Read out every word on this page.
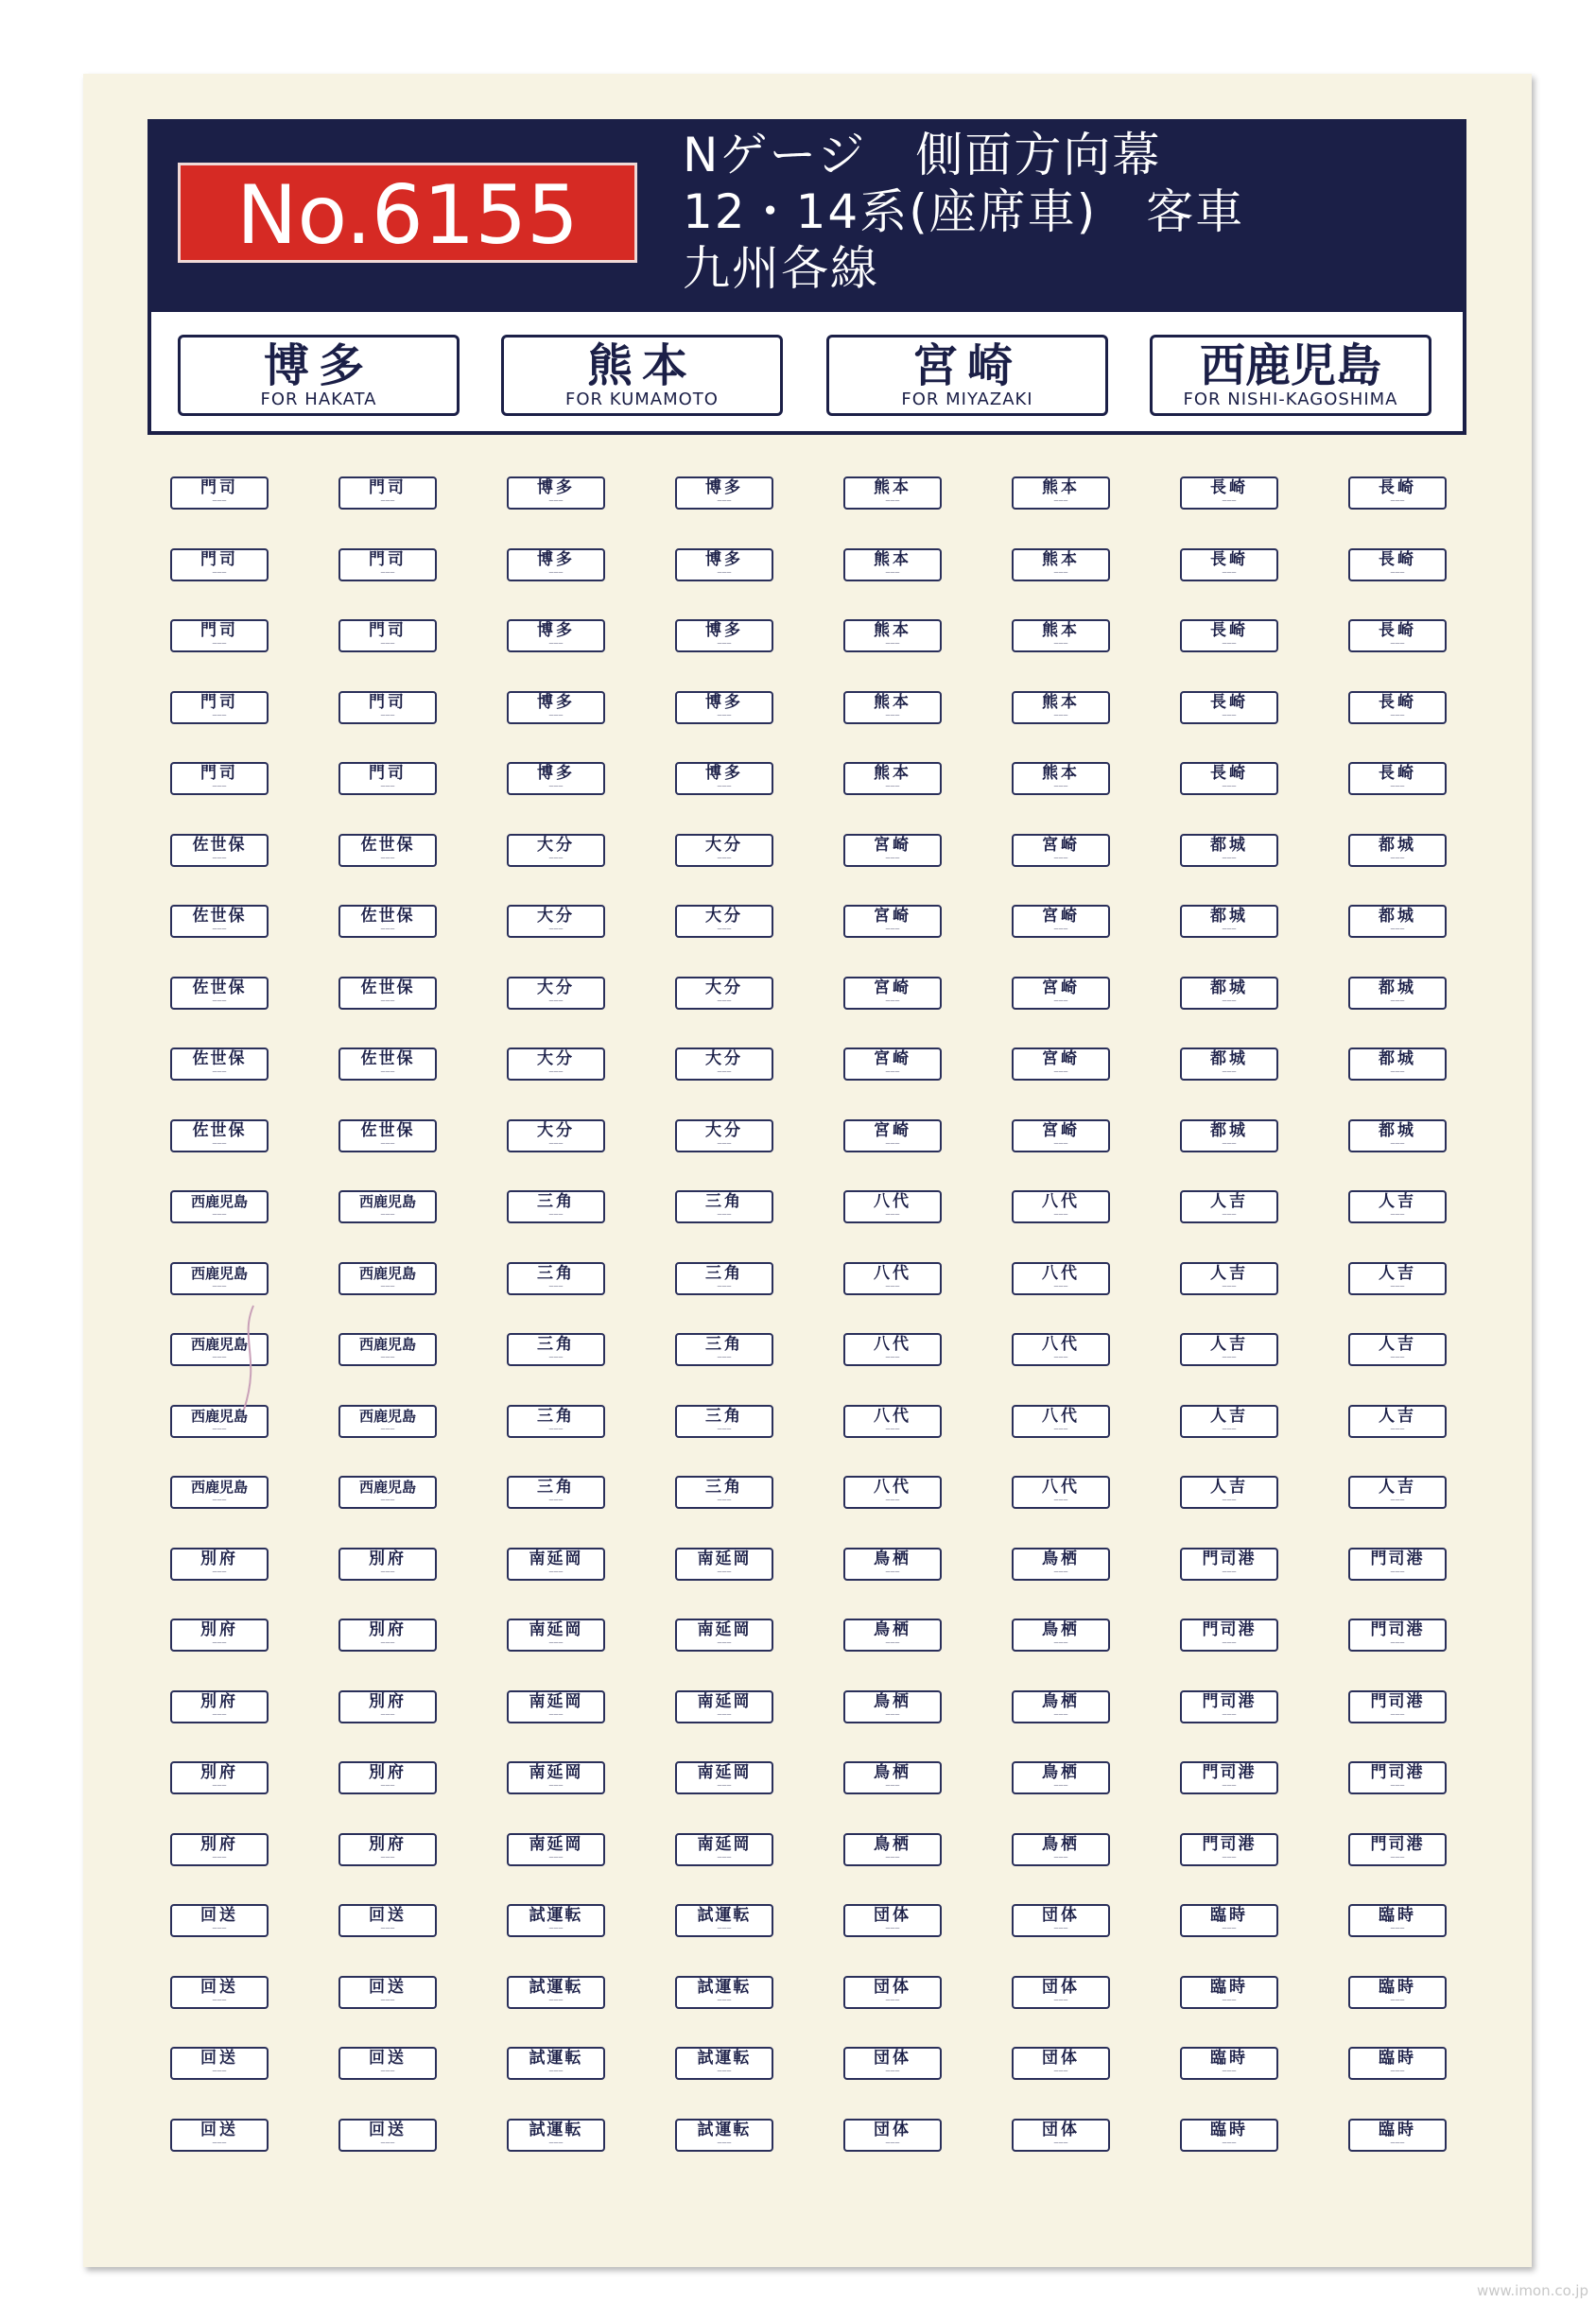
No.6155
Nゲージ　側面方向幕
12・14系(座席車)　客車
九州各線
博多
FOR HAKATA
熊本
FOR KUMAMOTO
宮崎
FOR MIYAZAKI
西鹿児島
FOR NISHI-KAGOSHIMA
門司
———
門司
———
博多
———
博多
———
熊本
———
熊本
———
長崎
———
長崎
———
門司
———
門司
———
博多
———
博多
———
熊本
———
熊本
———
長崎
———
長崎
———
門司
———
門司
———
博多
———
博多
———
熊本
———
熊本
———
長崎
———
長崎
———
門司
———
門司
———
博多
———
博多
———
熊本
———
熊本
———
長崎
———
長崎
———
門司
———
門司
———
博多
———
博多
———
熊本
———
熊本
———
長崎
———
長崎
———
佐世保
———
佐世保
———
大分
———
大分
———
宮崎
———
宮崎
———
都城
———
都城
———
佐世保
———
佐世保
———
大分
———
大分
———
宮崎
———
宮崎
———
都城
———
都城
———
佐世保
———
佐世保
———
大分
———
大分
———
宮崎
———
宮崎
———
都城
———
都城
———
佐世保
———
佐世保
———
大分
———
大分
———
宮崎
———
宮崎
———
都城
———
都城
———
佐世保
———
佐世保
———
大分
———
大分
———
宮崎
———
宮崎
———
都城
———
都城
———
西鹿児島
———
西鹿児島
———
三角
———
三角
———
八代
———
八代
———
人吉
———
人吉
———
西鹿児島
———
西鹿児島
———
三角
———
三角
———
八代
———
八代
———
人吉
———
人吉
———
西鹿児島
———
西鹿児島
———
三角
———
三角
———
八代
———
八代
———
人吉
———
人吉
———
西鹿児島
———
西鹿児島
———
三角
———
三角
———
八代
———
八代
———
人吉
———
人吉
———
西鹿児島
———
西鹿児島
———
三角
———
三角
———
八代
———
八代
———
人吉
———
人吉
———
別府
———
別府
———
南延岡
———
南延岡
———
鳥栖
———
鳥栖
———
門司港
———
門司港
———
別府
———
別府
———
南延岡
———
南延岡
———
鳥栖
———
鳥栖
———
門司港
———
門司港
———
別府
———
別府
———
南延岡
———
南延岡
———
鳥栖
———
鳥栖
———
門司港
———
門司港
———
別府
———
別府
———
南延岡
———
南延岡
———
鳥栖
———
鳥栖
———
門司港
———
門司港
———
別府
———
別府
———
南延岡
———
南延岡
———
鳥栖
———
鳥栖
———
門司港
———
門司港
———
回送
———
回送
———
試運転
———
試運転
———
団体
———
団体
———
臨時
———
臨時
———
回送
———
回送
———
試運転
———
試運転
———
団体
———
団体
———
臨時
———
臨時
———
回送
———
回送
———
試運転
———
試運転
———
団体
———
団体
———
臨時
———
臨時
———
回送
———
回送
———
試運転
———
試運転
———
団体
———
団体
———
臨時
———
臨時
———
www.imon.co.jp
